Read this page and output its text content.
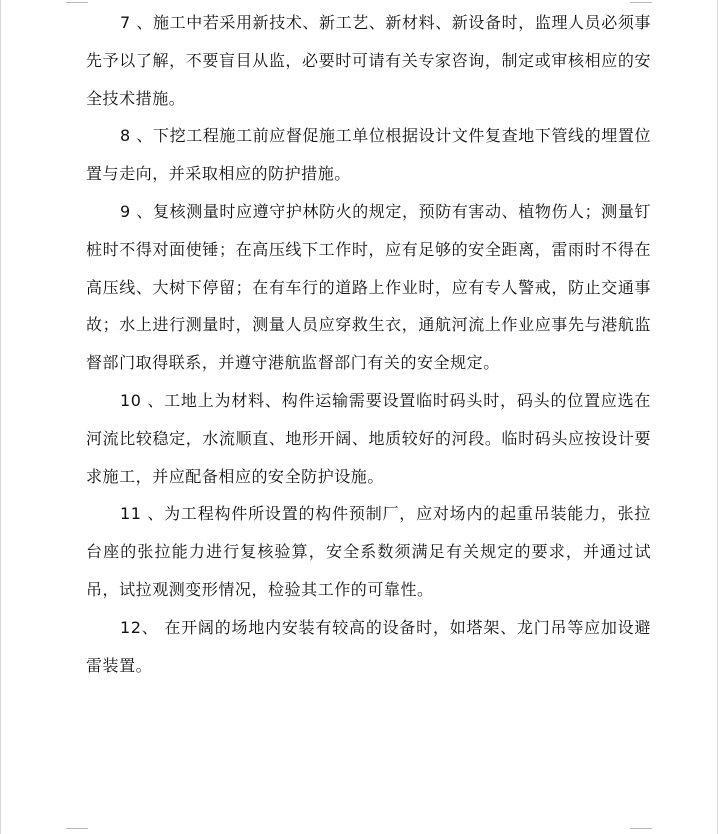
7 、施工中若采用新技术、新工艺、新材料、新设备时，监理人员必须事先予以了解，不要盲目从监，必要时可请有关专家咨询，制定或审核相应的安全技术措施。

8 、下挖工程施工前应督促施工单位根据设计文件复查地下管线的埋置位置与走向，并采取相应的防护措施。

9 、复核测量时应遵守护林防火的规定，预防有害动、植物伤人；测量钉桩时不得对面使锤；在高压线下工作时，应有足够的安全距离，雷雨时不得在高压线、大树下停留；在有车行的道路上作业时，应有专人警戒，防止交通事故；水上进行测量时，测量人员应穿救生衣，通航河流上作业应事先与港航监督部门取得联系，并遵守港航监督部门有关的安全规定。

10 、工地上为材料、构件运输需要设置临时码头时，码头的位置应选在河流比较稳定，水流顺直、地形开阔、地质较好的河段。临时码头应按设计要求施工，并应配备相应的安全防护设施。

11 、为工程构件所设置的构件预制厂，应对场内的起重吊装能力，张拉台座的张拉能力进行复核验算，安全系数须满足有关规定的要求，并通过试吊，试拉观测变形情况，检验其工作的可靠性。

12、 在开阔的场地内安装有较高的设备时，如塔架、龙门吊等应加设避雷装置。
